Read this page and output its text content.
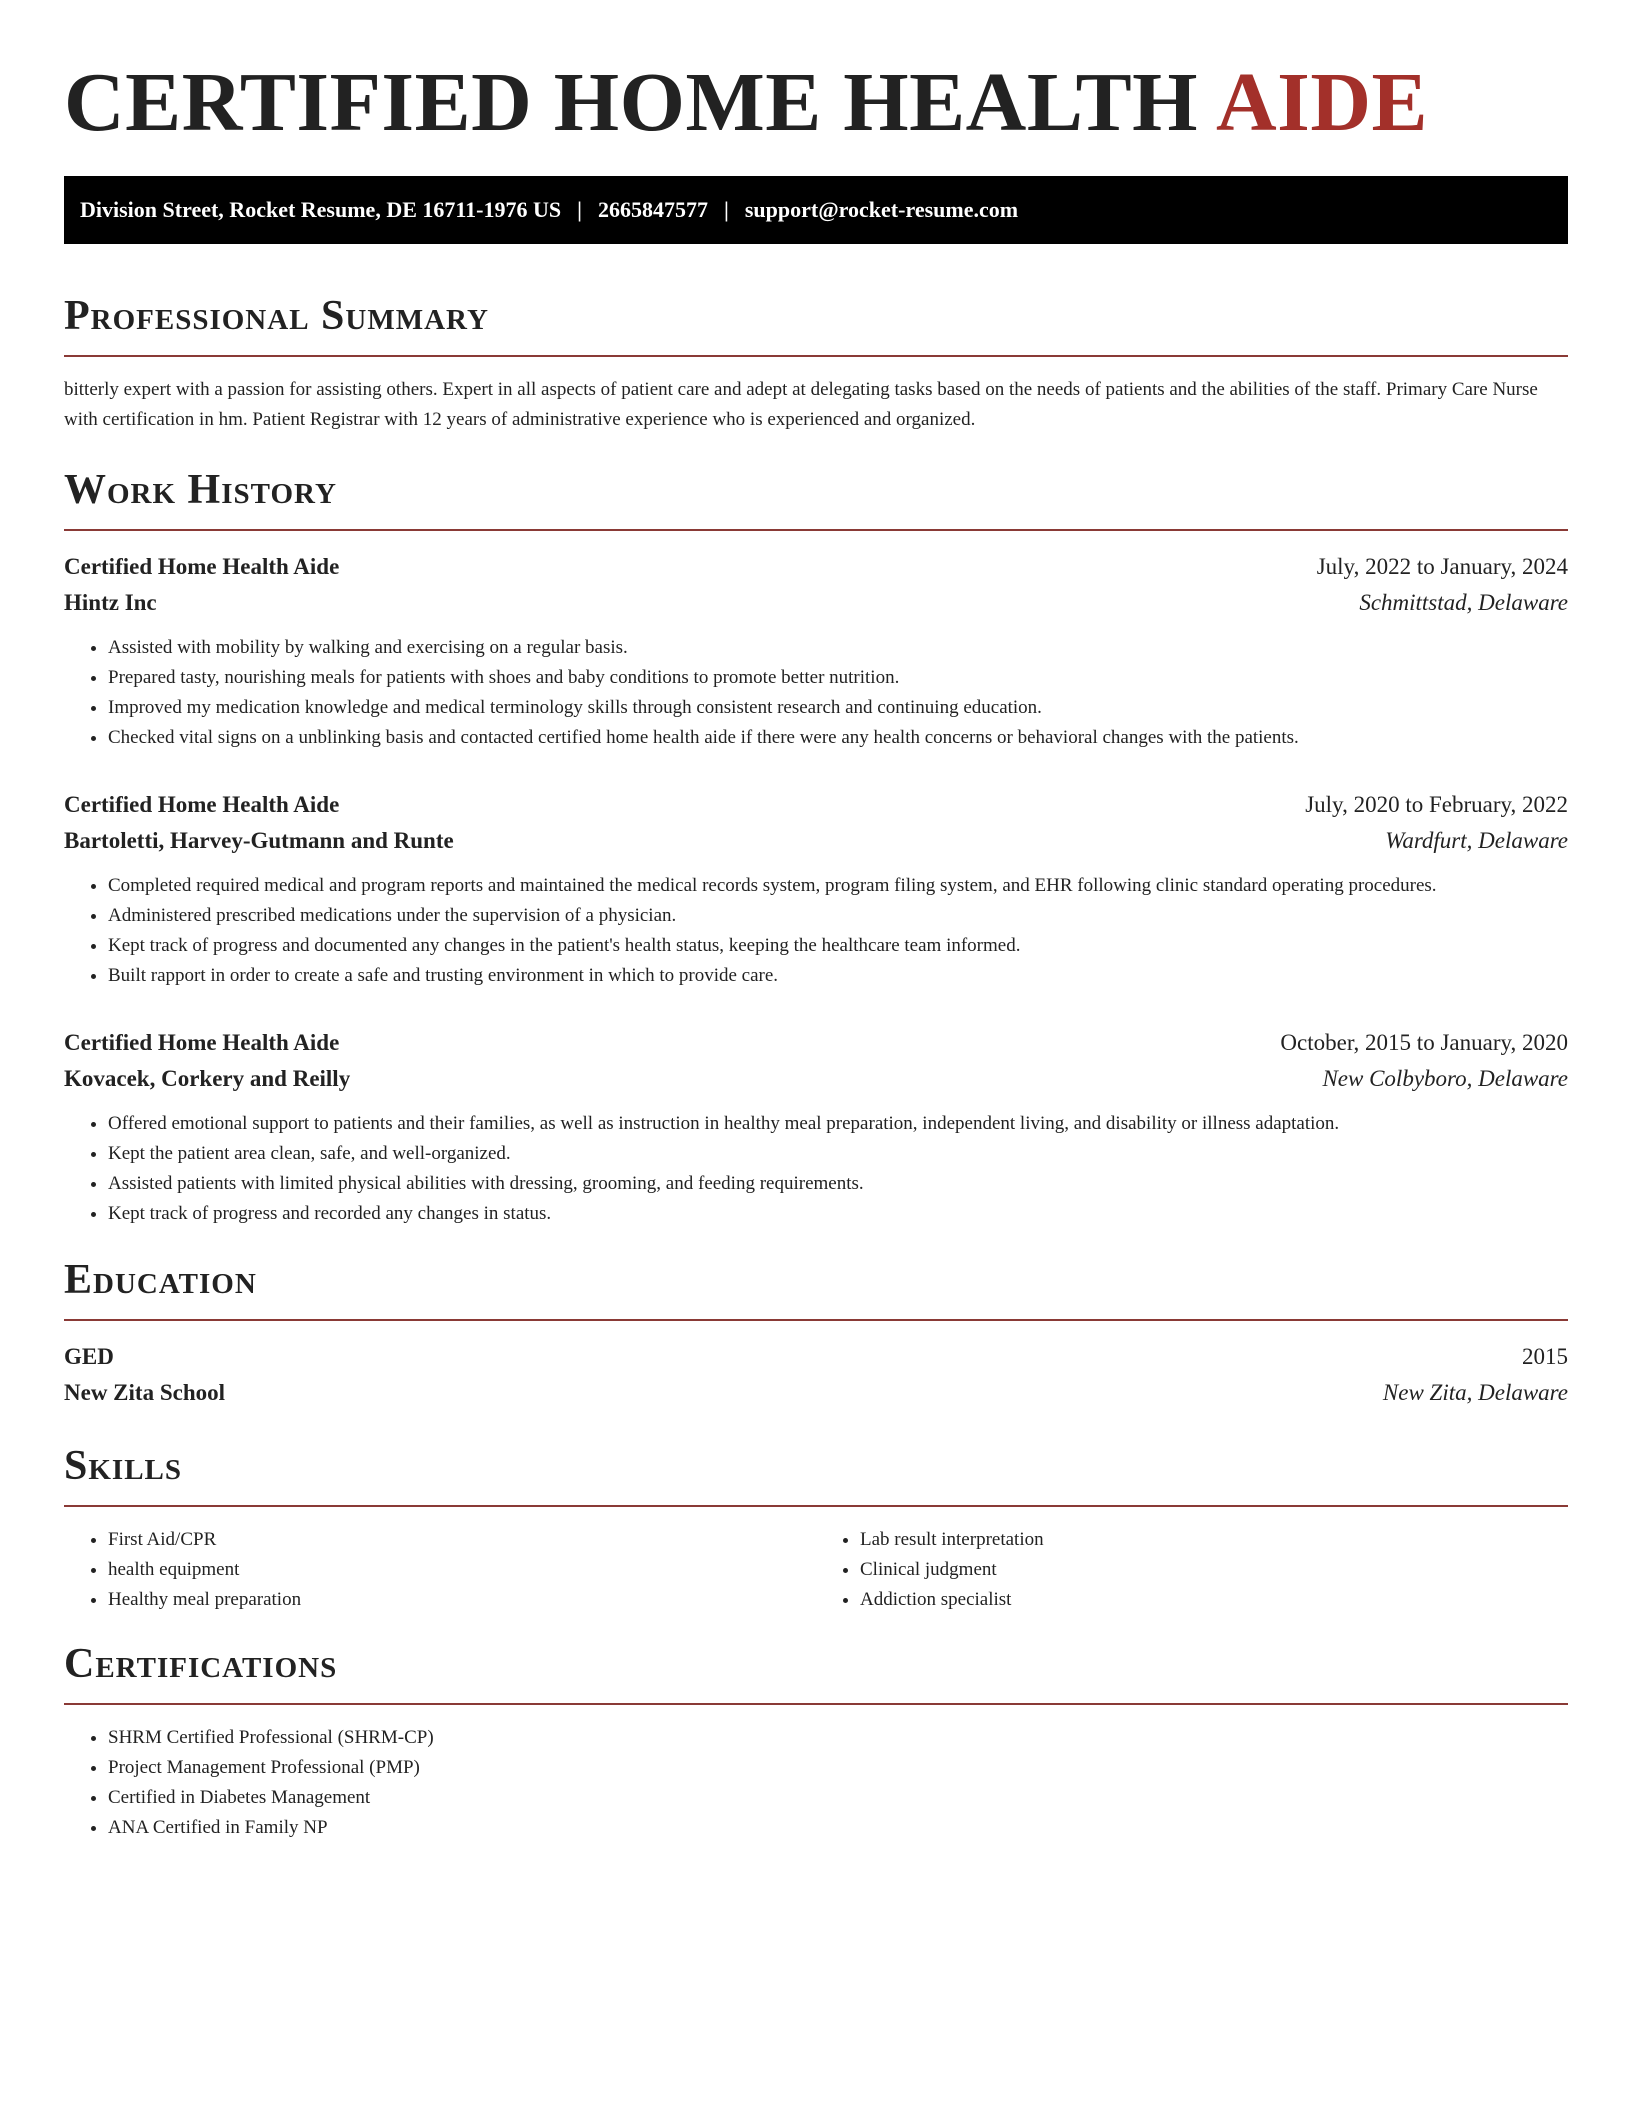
CERTIFIED HOME HEALTH AIDE
Division Street, Rocket Resume, DE 16711-1976 US | 2665847577 | support@rocket-resume.com
Professional Summary

bitterly expert with a passion for assisting others. Expert in all aspects of patient care and adept at delegating tasks based on the needs of patients and the abilities of the staff. Primary Care Nurse with certification in hm. Patient Registrar with 12 years of administrative experience who is experienced and organized.

Work History
Certified Home Health Aide	July, 2022 to January, 2024
Hintz Inc	Schmittstad, Delaware
• Assisted with mobility by walking and exercising on a regular basis.
• Prepared tasty, nourishing meals for patients with shoes and baby conditions to promote better nutrition.
• Improved my medication knowledge and medical terminology skills through consistent research and continuing education.
• Checked vital signs on a unblinking basis and contacted certified home health aide if there were any health concerns or behavioral changes with the patients.
Certified Home Health Aide	July, 2020 to February, 2022
Bartoletti, Harvey-Gutmann and Runte	Wardfurt, Delaware
• Completed required medical and program reports and maintained the medical records system, program filing system, and EHR following clinic standard operating procedures.
• Administered prescribed medications under the supervision of a physician.
• Kept track of progress and documented any changes in the patient's health status, keeping the healthcare team informed.
• Built rapport in order to create a safe and trusting environment in which to provide care.
Certified Home Health Aide	October, 2015 to January, 2020
Kovacek, Corkery and Reilly	New Colbyboro, Delaware
• Offered emotional support to patients and their families, as well as instruction in healthy meal preparation, independent living, and disability or illness adaptation.
• Kept the patient area clean, safe, and well-organized.
• Assisted patients with limited physical abilities with dressing, grooming, and feeding requirements.
• Kept track of progress and recorded any changes in status.
Education
GED	2015
New Zita School	New Zita, Delaware
Skills
• First Aid/CPR
• health equipment
• Healthy meal preparation
• Lab result interpretation
• Clinical judgment
• Addiction specialist
Certifications
• SHRM Certified Professional (SHRM-CP)
• Project Management Professional (PMP)
• Certified in Diabetes Management
• ANA Certified in Family NP
